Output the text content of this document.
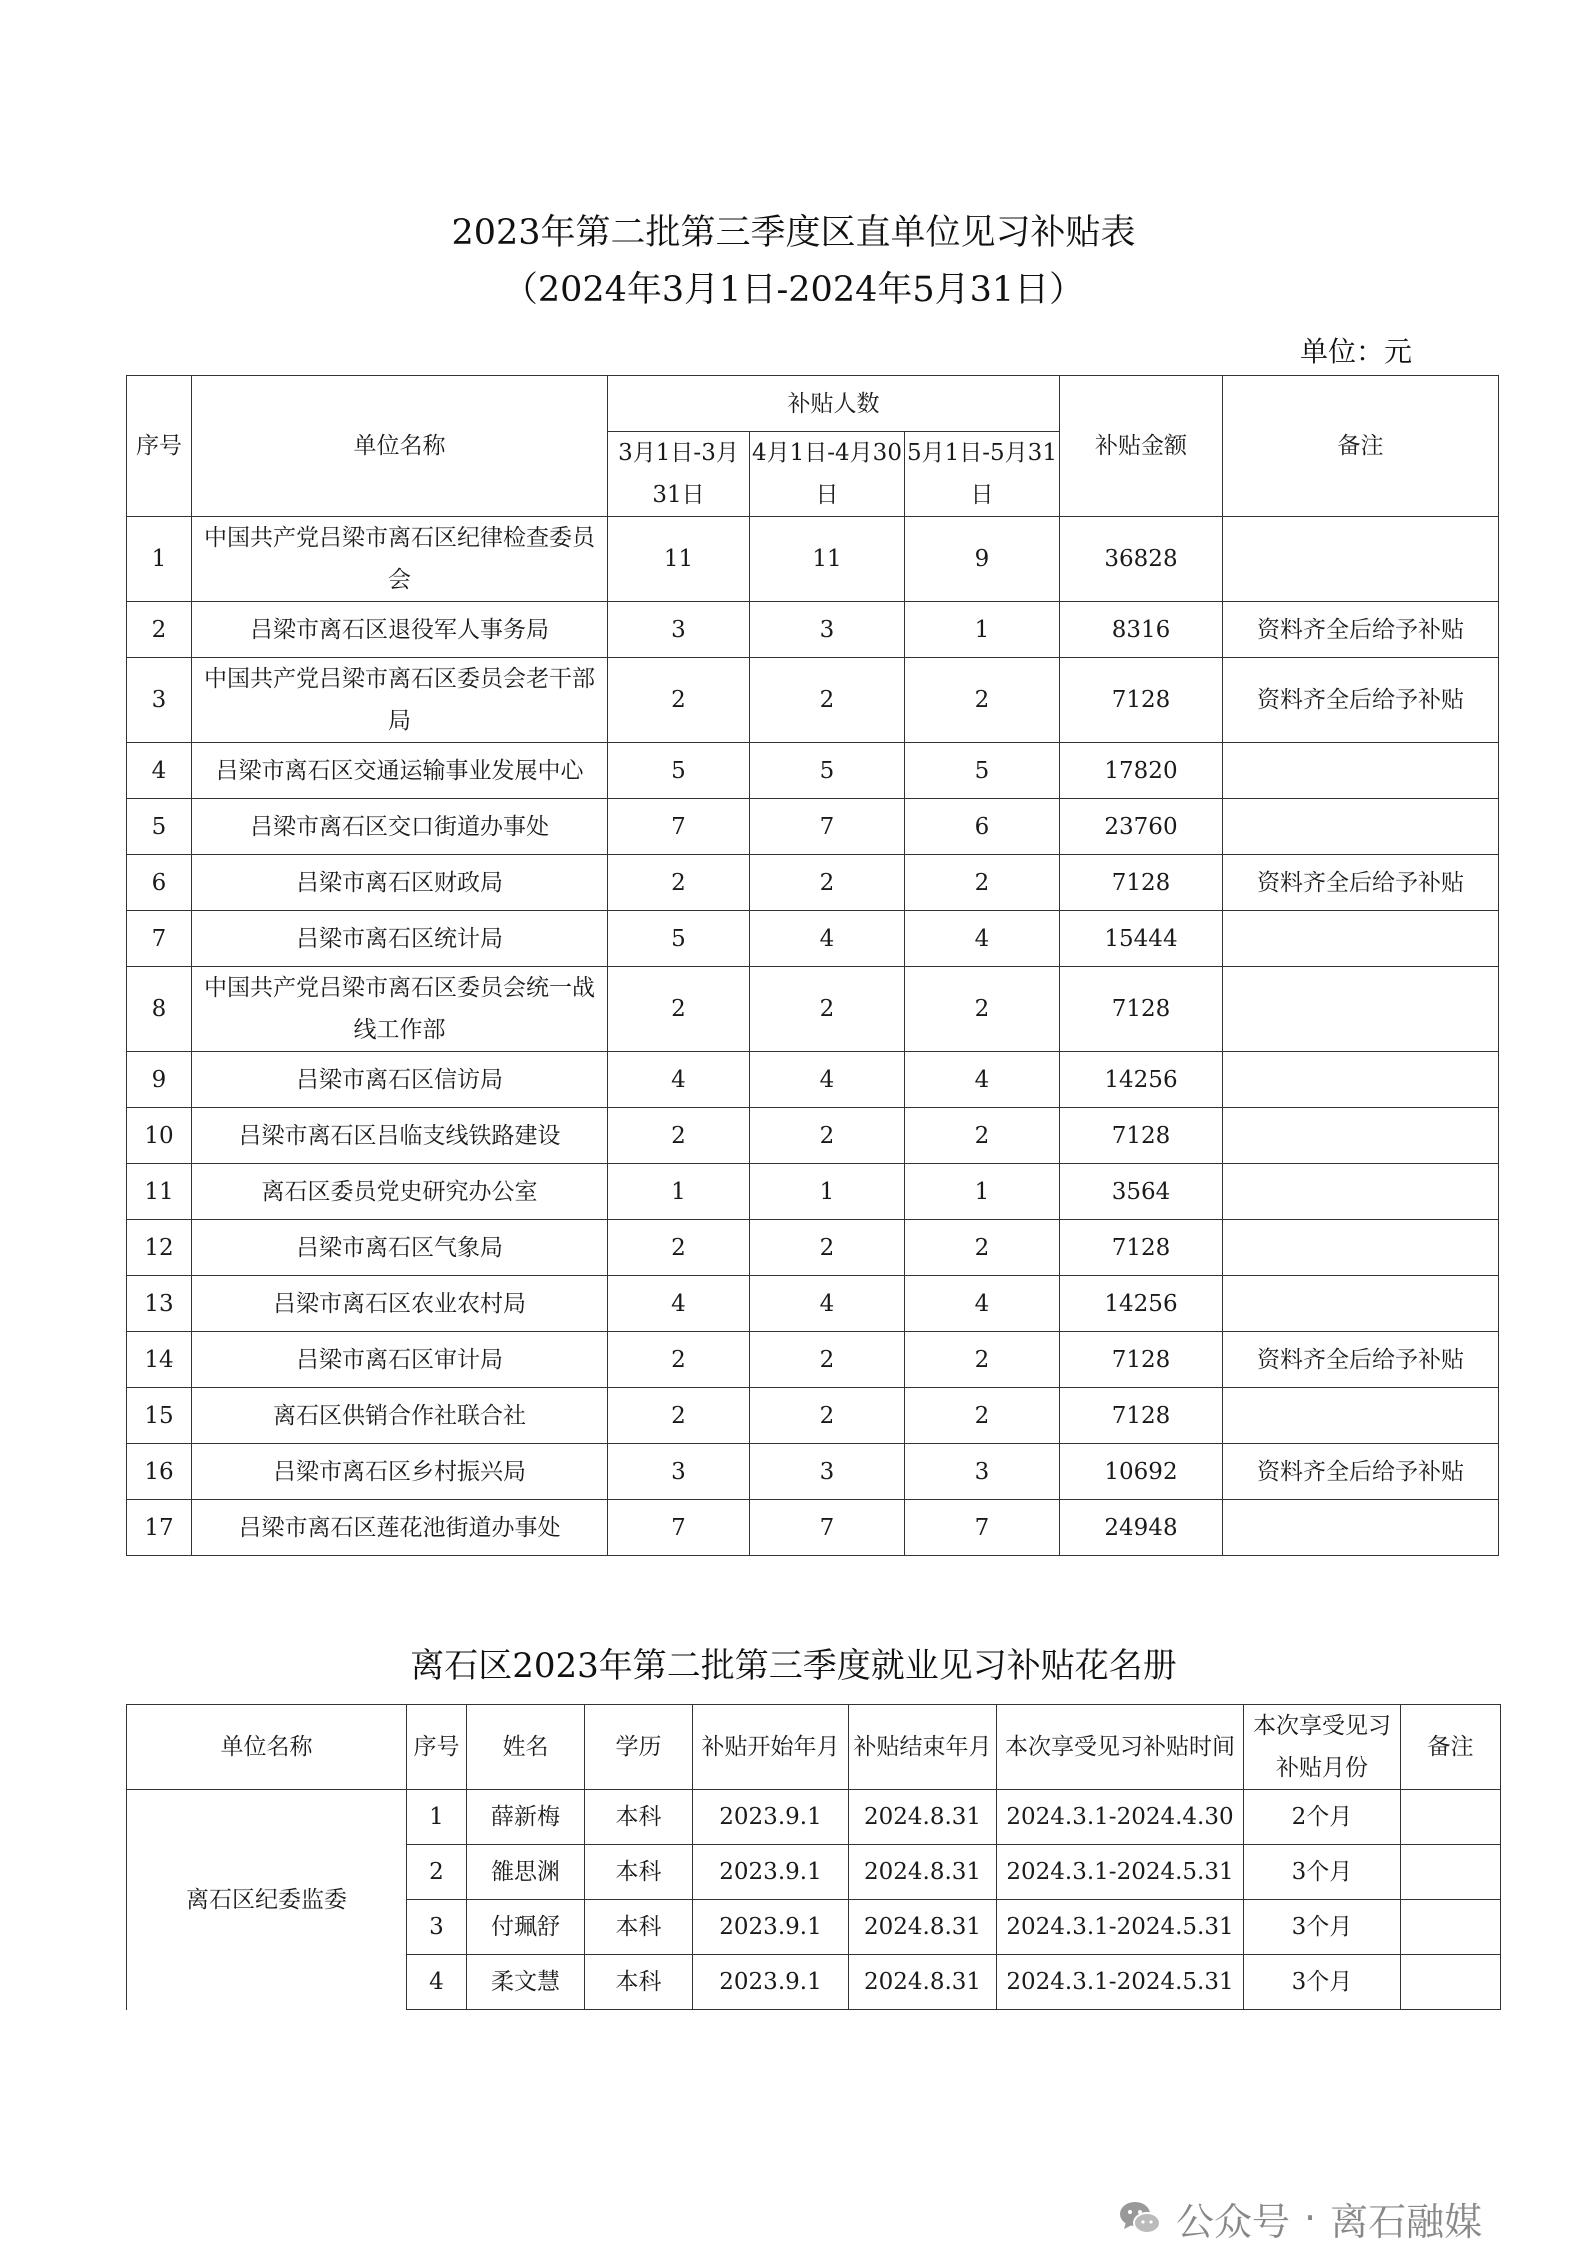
2023年第二批第三季度区直单位见习补贴表
（2024年3月1日-2024年5月31日）
单位：元
序号	单位名称	补贴人数			补贴金额	备注
		3月1日-3月31日	4月1日-4月30日	5月1日-5月31日		
1	中国共产党吕梁市离石区纪律检查委员会	11	11	9	36828	
2	吕梁市离石区退役军人事务局	3	3	1	8316	资料齐全后给予补贴
3	中国共产党吕梁市离石区委员会老干部局	2	2	2	7128	资料齐全后给予补贴
4	吕梁市离石区交通运输事业发展中心	5	5	5	17820	
5	吕梁市离石区交口街道办事处	7	7	6	23760	
6	吕梁市离石区财政局	2	2	2	7128	资料齐全后给予补贴
7	吕梁市离石区统计局	5	4	4	15444	
8	中国共产党吕梁市离石区委员会统一战线工作部	2	2	2	7128	
9	吕梁市离石区信访局	4	4	4	14256	
10	吕梁市离石区吕临支线铁路建设	2	2	2	7128	
11	离石区委员党史研究办公室	1	1	1	3564	
12	吕梁市离石区气象局	2	2	2	7128	
13	吕梁市离石区农业农村局	4	4	4	14256	
14	吕梁市离石区审计局	2	2	2	7128	资料齐全后给予补贴
15	离石区供销合作社联合社	2	2	2	7128	
16	吕梁市离石区乡村振兴局	3	3	3	10692	资料齐全后给予补贴
17	吕梁市离石区莲花池街道办事处	7	7	7	24948	
离石区2023年第二批第三季度就业见习补贴花名册
单位名称	序号	姓名	学历	补贴开始年月	补贴结束年月	本次享受见习补贴时间	本次享受见习补贴月份	备注
离石区纪委监委	1	薛新梅	本科	2023.9.1	2024.8.31	2024.3.1-2024.4.30	2个月	
	2	雒思渊	本科	2023.9.1	2024.8.31	2024.3.1-2024.5.31	3个月	
	3	付珮舒	本科	2023.9.1	2024.8.31	2024.3.1-2024.5.31	3个月	
	4	柔文慧	本科	2023.9.1	2024.8.31	2024.3.1-2024.5.31	3个月	
公众号 · 离石融媒
